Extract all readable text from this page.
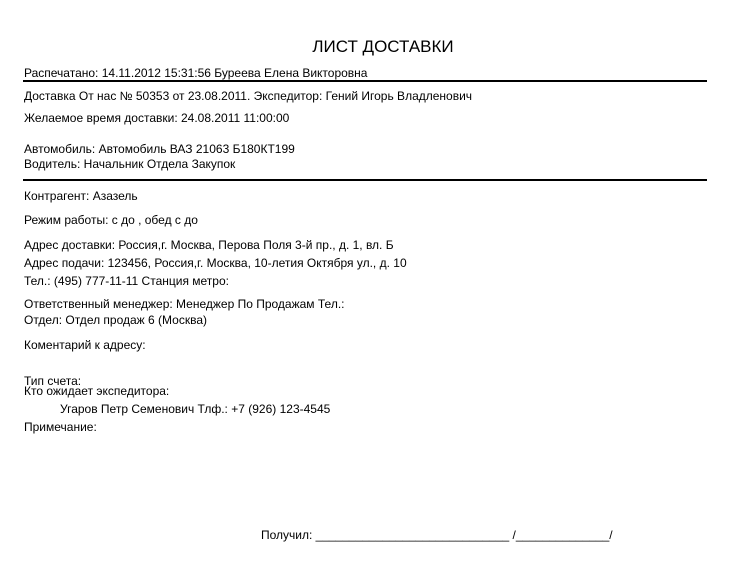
ЛИСТ ДОСТАВКИ
Распечатано: 14.11.2012 15:31:56 Буреева Елена Викторовна
Доставка От нас № 50353 от 23.08.2011. Экспедитор: Гений Игорь Владленович
Желаемое время доставки: 24.08.2011 11:00:00
Автомобиль: Автомобиль ВАЗ 21063 Б180КТ199
Водитель: Начальник Отдела Закупок
Контрагент: Азазель
Режим работы: с до , обед с до
Адрес доставки: Россия,г. Москва, Перова Поля 3-й пр., д. 1, вл. Б
Адрес подачи: 123456, Россия,г. Москва, 10-летия Октября ул., д. 10
Тел.: (495) 777-11-11 Станция метро:
Ответственный менеджер: Менеджер По Продажам Тел.:
Отдел: Отдел продаж 6 (Москва)
Коментарий к адресу:
Тип счета:
Кто ожидает экспедитора:
Угаров Петр Семенович Тлф.: +7 (926) 123-4545
Примечание:
Получил: _____________________________ /______________/
